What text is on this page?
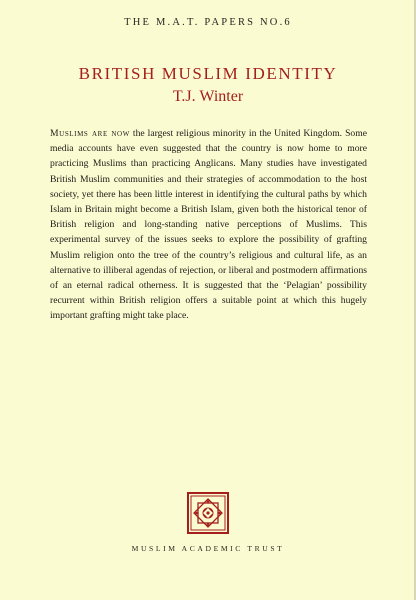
THE M.A.T. PAPERS NO.6
BRITISH MUSLIM IDENTITY
T.J. Winter

Muslims are now the largest religious minority in the United Kingdom. Some media accounts have even suggested that the country is now home to more practicing Muslims than practicing Anglicans. Many studies have investigated British Muslim communities and their strategies of accommodation to the host society, yet there has been little interest in identifying the cultural paths by which Islam in Britain might become a British Islam, given both the historical tenor of British religion and long-standing native perceptions of Muslims. This experimental survey of the issues seeks to explore the possibility of grafting Muslim religion onto the tree of the country’s religious and cultural life, as an alternative to illiberal agendas of rejection, or liberal and postmodern affirmations of an eternal radical otherness. It is suggested that the ‘Pelagian’ possibility recurrent within British religion offers a suitable point at which this hugely important grafting might take place.

MUSLIM ACADEMIC TRUST
